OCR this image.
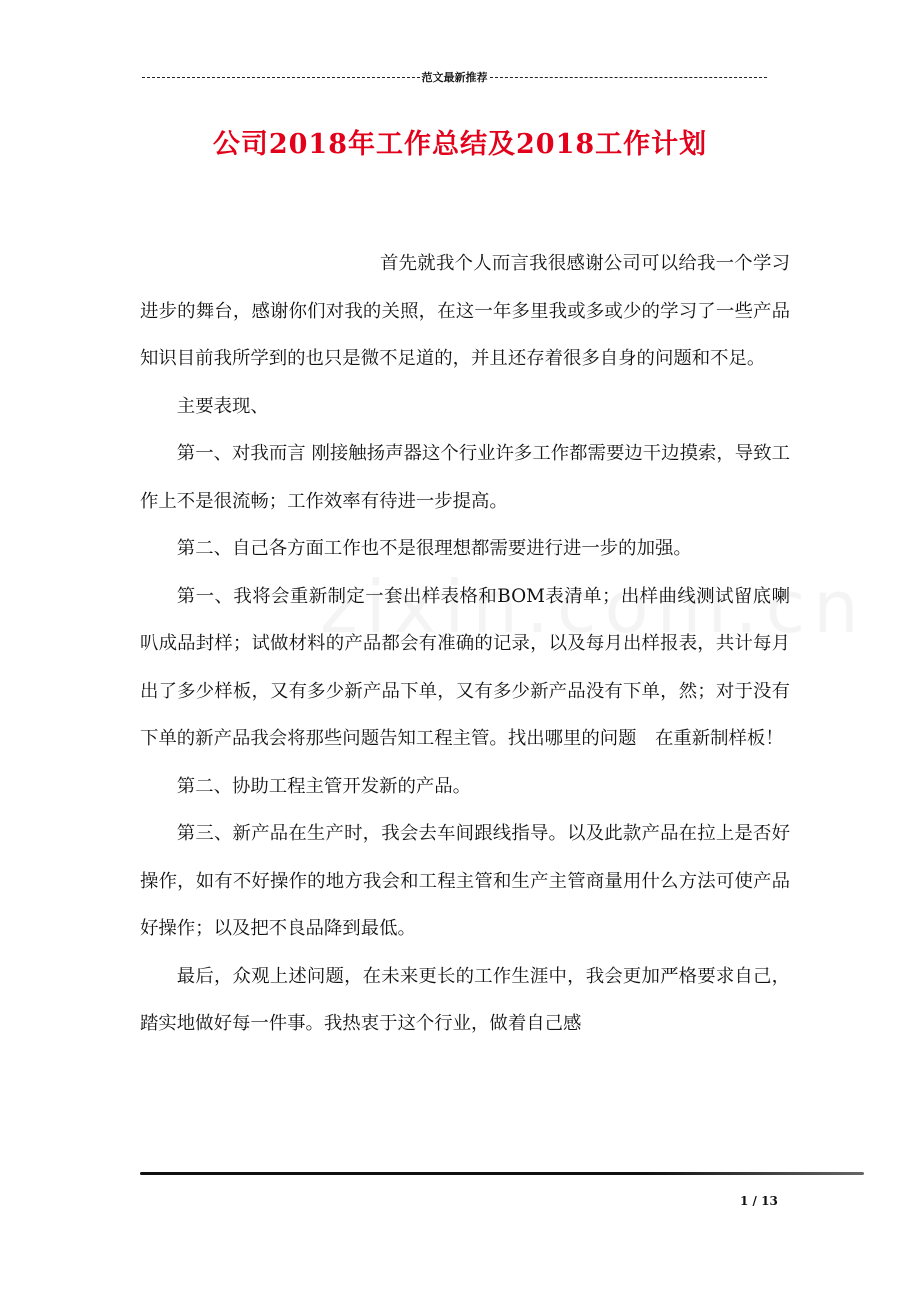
范文最新推荐
公司2018年工作总结及2018工作计划

首先就我个人而言我很感谢公司可以给我一个学习进步的舞台，感谢你们对我的关照，在这一年多里我或多或少的学习了一些产品知识目前我所学到的也只是微不足道的，并且还存着很多自身的问题和不足。

主要表现、

第一、对我而言 刚接触扬声器这个行业许多工作都需要边干边摸索，导致工作上不是很流畅；工作效率有待进一步提高。

第二、自己各方面工作也不是很理想都需要进行进一步的加强。

第一、我将会重新制定一套出样表格和BOM表清单；出样曲线测试留底喇叭成品封样；试做材料的产品都会有准确的记录，以及每月出样报表，共计每月出了多少样板，又有多少新产品下单，又有多少新产品没有下单，然；对于没有下单的新产品我会将那些问题告知工程主管。找出哪里的问题　在重新制样板！

第二、协助工程主管开发新的产品。

第三、新产品在生产时，我会去车间跟线指导。以及此款产品在拉上是否好操作，如有不好操作的地方我会和工程主管和生产主管商量用什么方法可使产品好操作；以及把不良品降到最低。

最后，众观上述问题，在未来更长的工作生涯中，我会更加严格要求自己，踏实地做好每一件事。我热衷于这个行业，做着自己感

1 / 13
